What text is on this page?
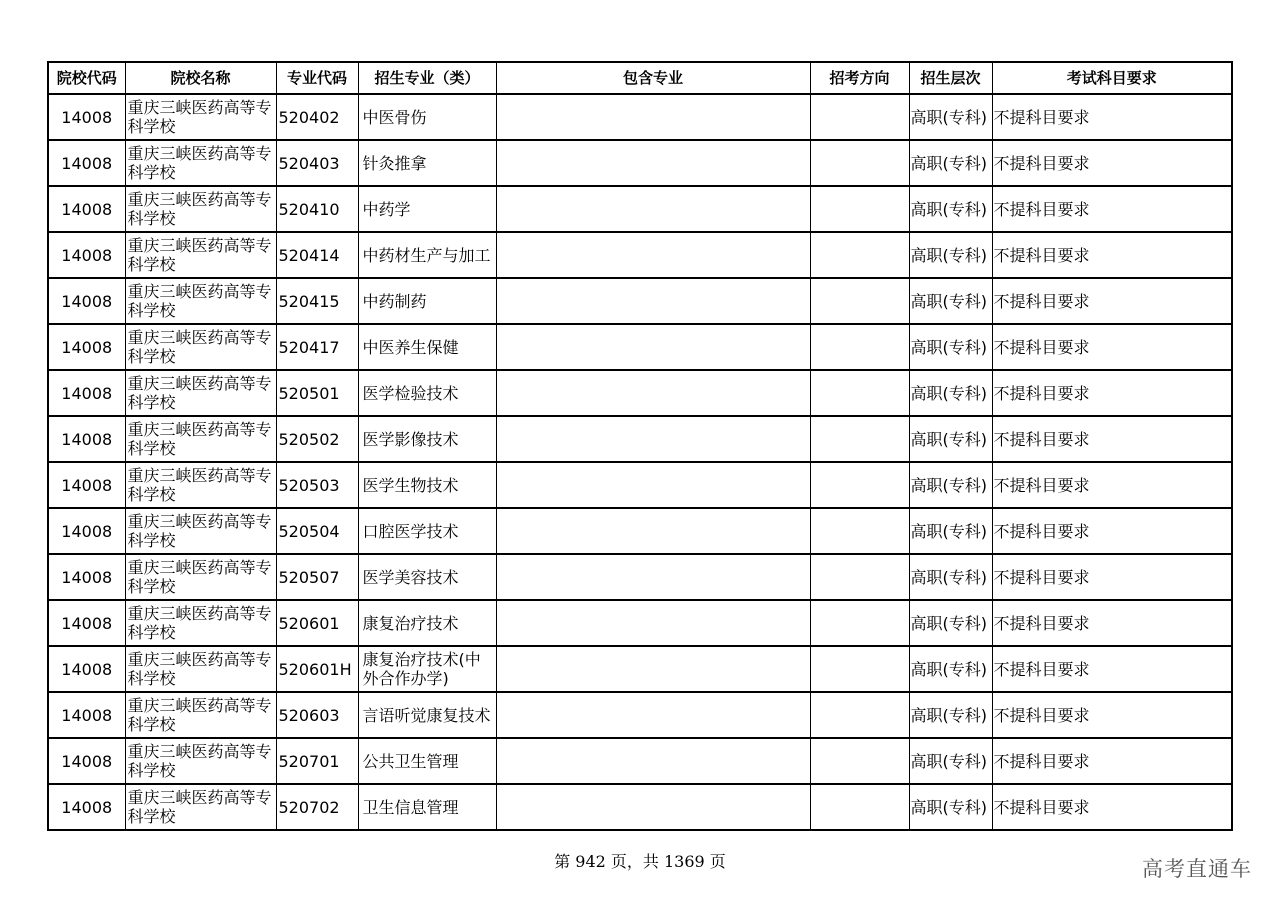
院校代码	院校名称	专业代码	招生专业（类）	包含专业	招考方向	招生层次	考试科目要求
14008	重庆三峡医药高等专科学校	520402	中医骨伤			高职(专科)	不提科目要求
14008	重庆三峡医药高等专科学校	520403	针灸推拿			高职(专科)	不提科目要求
14008	重庆三峡医药高等专科学校	520410	中药学			高职(专科)	不提科目要求
14008	重庆三峡医药高等专科学校	520414	中药材生产与加工			高职(专科)	不提科目要求
14008	重庆三峡医药高等专科学校	520415	中药制药			高职(专科)	不提科目要求
14008	重庆三峡医药高等专科学校	520417	中医养生保健			高职(专科)	不提科目要求
14008	重庆三峡医药高等专科学校	520501	医学检验技术			高职(专科)	不提科目要求
14008	重庆三峡医药高等专科学校	520502	医学影像技术			高职(专科)	不提科目要求
14008	重庆三峡医药高等专科学校	520503	医学生物技术			高职(专科)	不提科目要求
14008	重庆三峡医药高等专科学校	520504	口腔医学技术			高职(专科)	不提科目要求
14008	重庆三峡医药高等专科学校	520507	医学美容技术			高职(专科)	不提科目要求
14008	重庆三峡医药高等专科学校	520601	康复治疗技术			高职(专科)	不提科目要求
14008	重庆三峡医药高等专科学校	520601H	康复治疗技术(中外合作办学)			高职(专科)	不提科目要求
14008	重庆三峡医药高等专科学校	520603	言语听觉康复技术			高职(专科)	不提科目要求
14008	重庆三峡医药高等专科学校	520701	公共卫生管理			高职(专科)	不提科目要求
14008	重庆三峡医药高等专科学校	520702	卫生信息管理			高职(专科)	不提科目要求
第 942 页，共 1369 页	高考直通车
